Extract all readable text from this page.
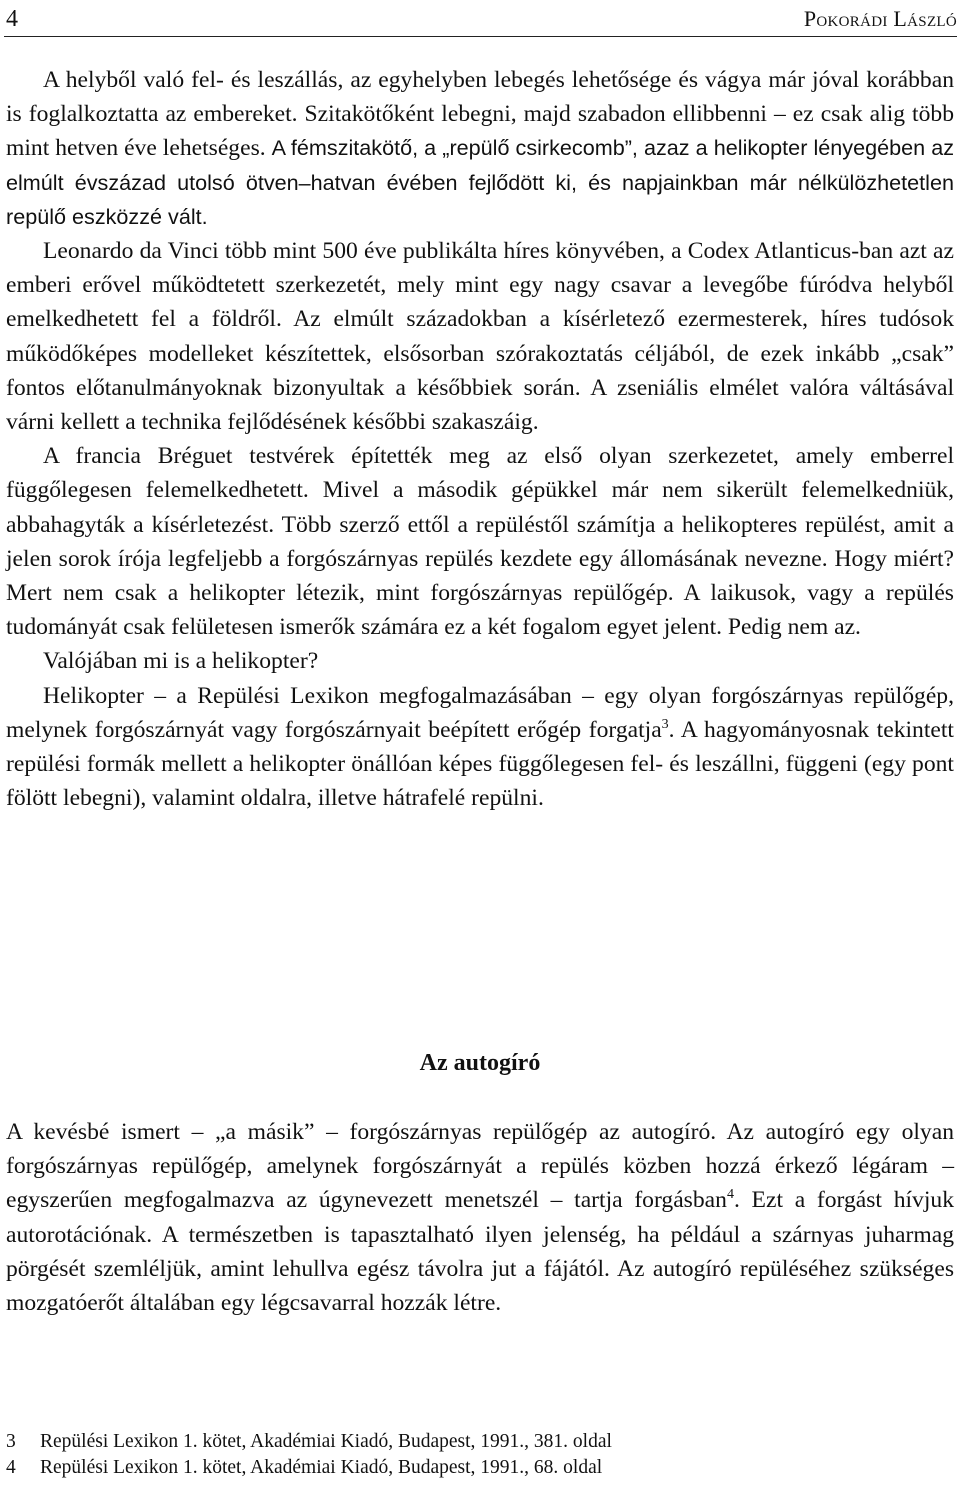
4	Pokorádi László

A helyből való fel- és leszállás, az egyhelyben lebegés lehetősége és vágya már jóval korábban is foglalkoztatta az embereket. Szitakötőként lebegni, majd szabadon ellibbenni ‒ ez csak alig több mint hetven éve lehetséges. A fémszitakötő, a „repülő csirkecomb”, azaz a helikopter lényegében az elmúlt évszázad utolsó ötven‒hatvan évében fejlődött ki, és napjainkban már nélkülözhetetlen repülő eszközzé vált.

Leonardo da Vinci több mint 500 éve publikálta híres könyvében, a Codex Atlanticus-ban azt az emberi erővel működtetett szerkezetét, mely mint egy nagy csavar a levegőbe fúródva helyből emelkedhetett fel a földről. Az elmúlt századokban a kísérletező ezermesterek, híres tudósok működőképes modelleket készítettek, elsősorban szórakoztatás céljából, de ezek inkább „csak” fontos előtanulmányoknak bizonyultak a későbbiek során. A zseniális elmélet valóra váltásával várni kellett a technika fejlődésének későbbi szakaszáig.

A francia Bréguet testvérek építették meg az első olyan szerkezetet, amely emberrel függőlegesen felemelkedhetett. Mivel a második gépükkel már nem sikerült felemelkedniük, abbahagyták a kísérletezést. Több szerző ettől a repüléstől számítja a helikopteres repülést, amit a jelen sorok írója legfeljebb a forgószárnyas repülés kezdete egy állomásának nevezne. Hogy miért? Mert nem csak a helikopter létezik, mint forgószárnyas repülőgép. A laikusok, vagy a repülés tudományát csak felületesen ismerők számára ez a két fogalom egyet jelent. Pedig nem az.

Valójában mi is a helikopter?

Helikopter ‒ a Repülési Lexikon megfogalmazásában ‒ egy olyan forgószárnyas repülőgép, melynek forgószárnyát vagy forgószárnyait beépített erőgép forgatja$^3$. A hagyományosnak tekintett repülési formák mellett a helikopter önállóan képes függőlegesen fel- és leszállni, függeni (egy pont fölött lebegni), valamint oldalra, illetve hátrafelé repülni.

Az autogíró

A kevésbé ismert ‒ „a másik” ‒ forgószárnyas repülőgép az autogíró. Az autogíró egy olyan forgószárnyas repülőgép, amelynek forgószárnyát a repülés közben hozzá érkező légáram ‒ egyszerűen megfogalmazva az úgynevezett menetszél ‒ tartja forgásban$^4$. Ezt a forgást hívjuk autorotációnak. A természetben is tapasztalható ilyen jelenség, ha például a szárnyas juharmag pörgését szemléljük, amint lehullva egész távolra jut a fájától. Az autogíró repüléséhez szükséges mozgatóerőt általában egy légcsavarral hozzák létre.

3 Repülési Lexikon 1. kötet, Akadémiai Kiadó, Budapest, 1991., 381. oldal
4 Repülési Lexikon 1. kötet, Akadémiai Kiadó, Budapest, 1991., 68. oldal
